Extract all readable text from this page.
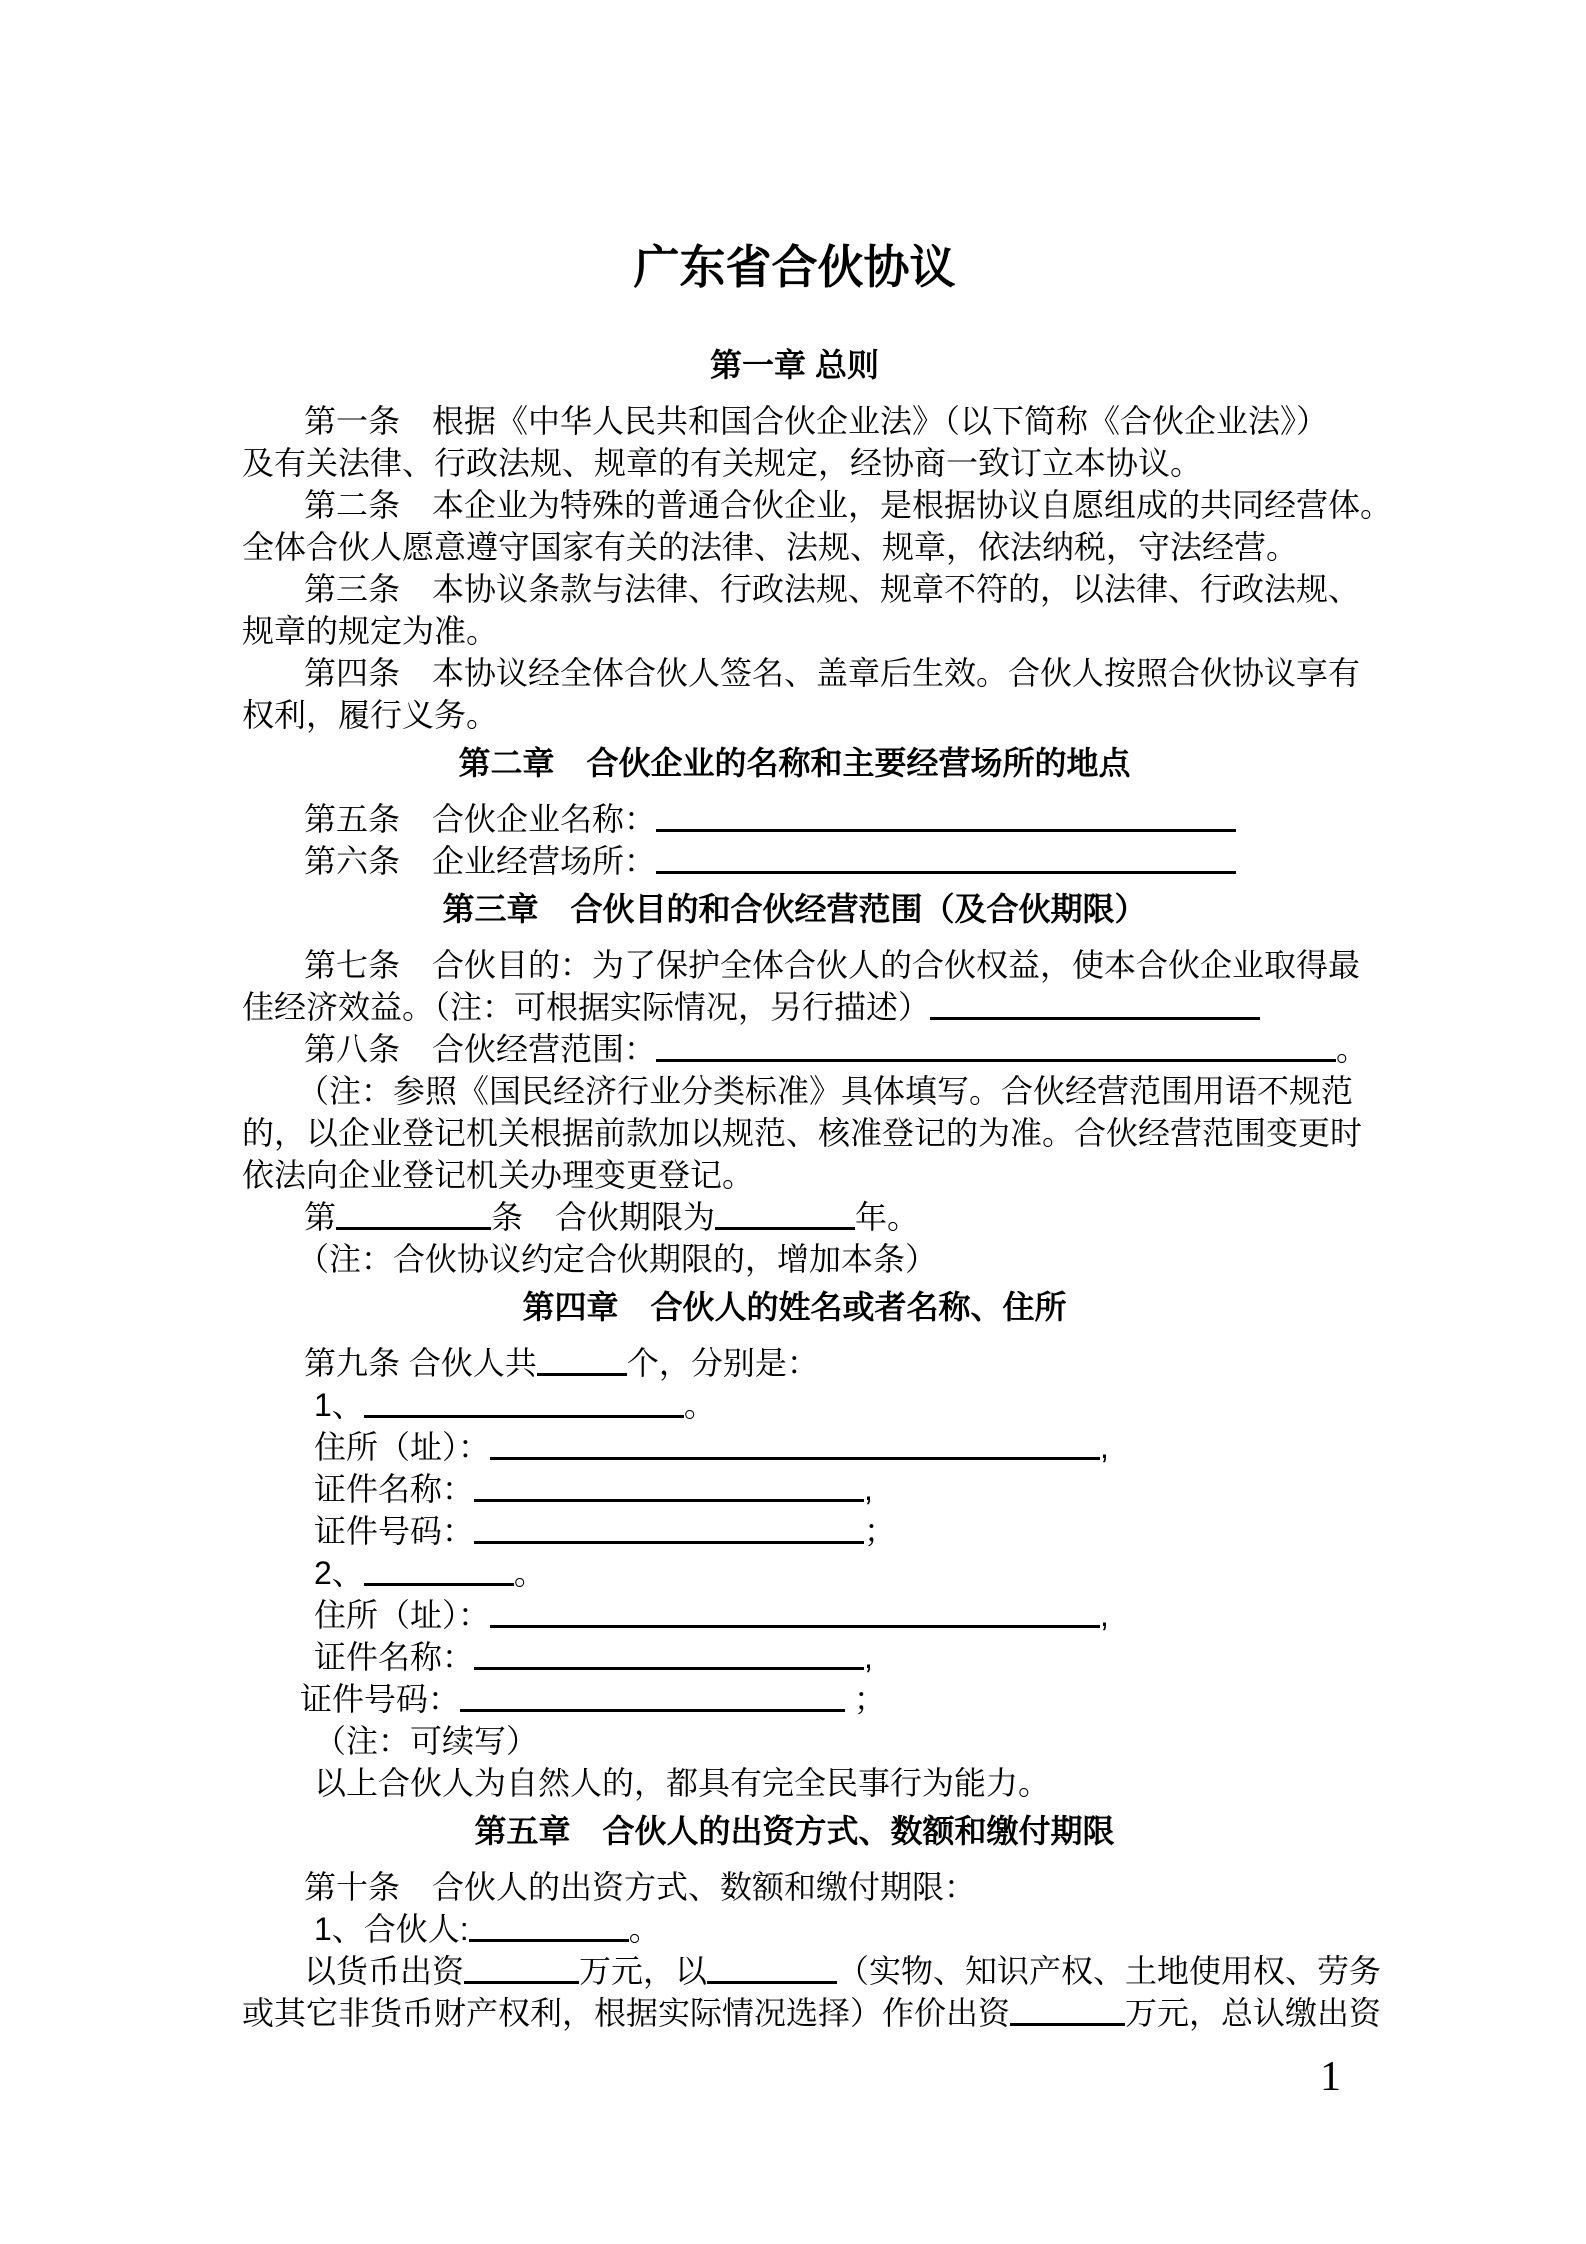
广东省合伙协议
第一章 总则
第一条　根据《中华人民共和国合伙企业法》（以下简称《合伙企业法》）
及有关法律、行政法规、规章的有关规定，经协商一致订立本协议。
第二条　本企业为特殊的普通合伙企业，是根据协议自愿组成的共同经营体。
全体合伙人愿意遵守国家有关的法律、法规、规章，依法纳税，守法经营。
第三条　本协议条款与法律、行政法规、规章不符的，以法律、行政法规、
规章的规定为准。
第四条　本协议经全体合伙人签名、盖章后生效。合伙人按照合伙协议享有
权利，履行义务。
第二章　合伙企业的名称和主要经营场所的地点
第五条　合伙企业名称：
第六条　企业经营场所：
第三章　合伙目的和合伙经营范围（及合伙期限）
第七条　合伙目的：为了保护全体合伙人的合伙权益，使本合伙企业取得最
佳经济效益。（注：可根据实际情况，另行描述）
第八条　合伙经营范围：	。
（注：参照《国民经济行业分类标准》具体填写。合伙经营范围用语不规范
的，以企业登记机关根据前款加以规范、核准登记的为准。合伙经营范围变更时
依法向企业登记机关办理变更登记。
第	条　合伙期限为	年。
（注：合伙协议约定合伙期限的，增加本条）
第四章　合伙人的姓名或者名称、住所
第九条 合伙人共	个，分别是：
1、	。
住所（址）：	,
证件名称：	,
证件号码：	；
2、	。
住所（址）：	,
证件名称：	,
证件号码：	；
（注：可续写）
以上合伙人为自然人的，都具有完全民事行为能力。
第五章　合伙人的出资方式、数额和缴付期限
第十条　合伙人的出资方式、数额和缴付期限：
1、合伙人:	。
以货币出资	万元，以	（实物、知识产权、土地使用权、劳务
或其它非货币财产权利，根据实际情况选择）作价出资	万元，总认缴出资
1
